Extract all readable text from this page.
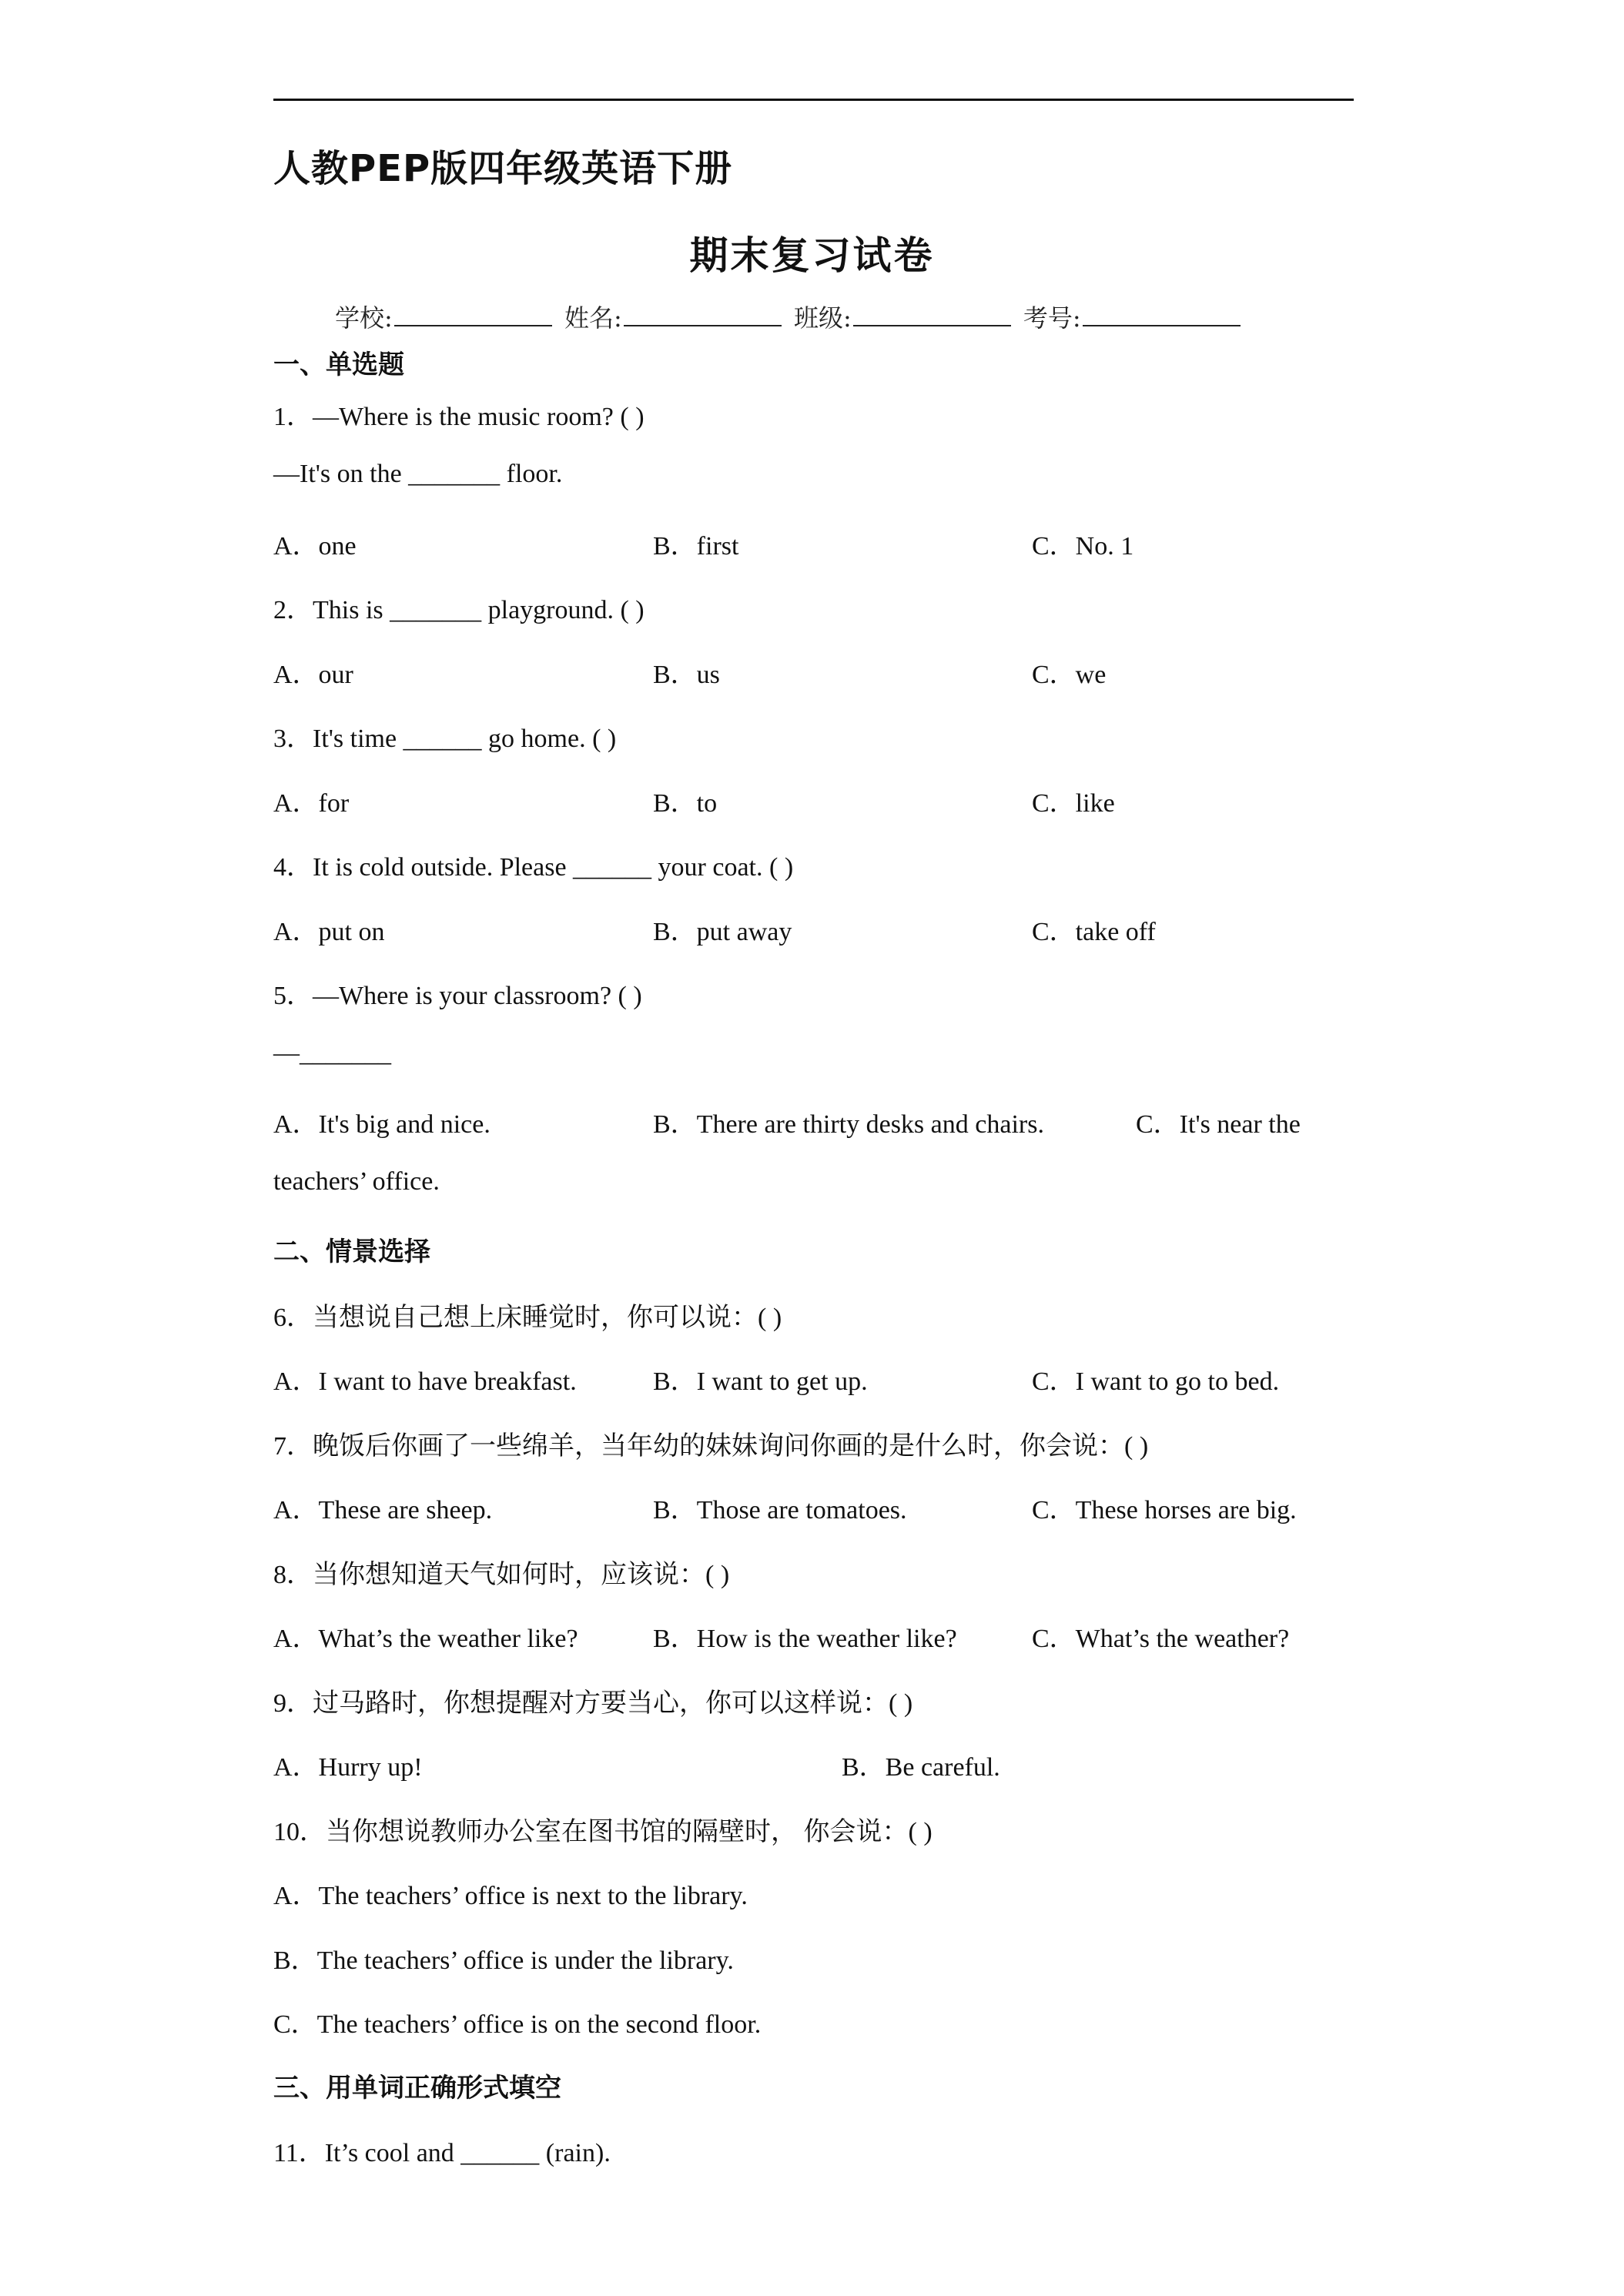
人教PEP版四年级英语下册
期末复习试卷
学校:	姓名:	班级:	考号:
一、单选题
1．—Where is the music room? ( )
—It's on the _______ floor.
A．one	B．first	C．No. 1
2．This is _______ playground. ( )
A．our	B．us	C．we
3．It's time ______ go home. ( )
A．for	B．to	C．like
4．It is cold outside. Please ______ your coat. ( )
A．put on	B．put away	C．take off
5．—Where is your classroom? ( )
—_______
A．It's big and nice.	B．There are thirty desks and chairs.	C．It's near the
teachers’ office.
二、情景选择
6．当想说自己想上床睡觉时，你可以说：( )
A．I want to have breakfast.	B．I want to get up.	C．I want to go to bed.
7．晚饭后你画了一些绵羊，当年幼的妹妹询问你画的是什么时，你会说：( )
A．These are sheep.	B．Those are tomatoes.	C．These horses are big.
8．当你想知道天气如何时，应该说：( )
A．What’s the weather like?	B．How is the weather like?	C．What’s the weather?
9．过马路时，你想提醒对方要当心，你可以这样说：( )
A．Hurry up!	B．Be careful.
10．当你想说教师办公室在图书馆的隔壁时， 你会说：( )
A．The teachers’ office is next to the library.
B．The teachers’ office is under the library.
C．The teachers’ office is on the second floor.
三、用单词正确形式填空
11．It’s cool and ______ (rain).
